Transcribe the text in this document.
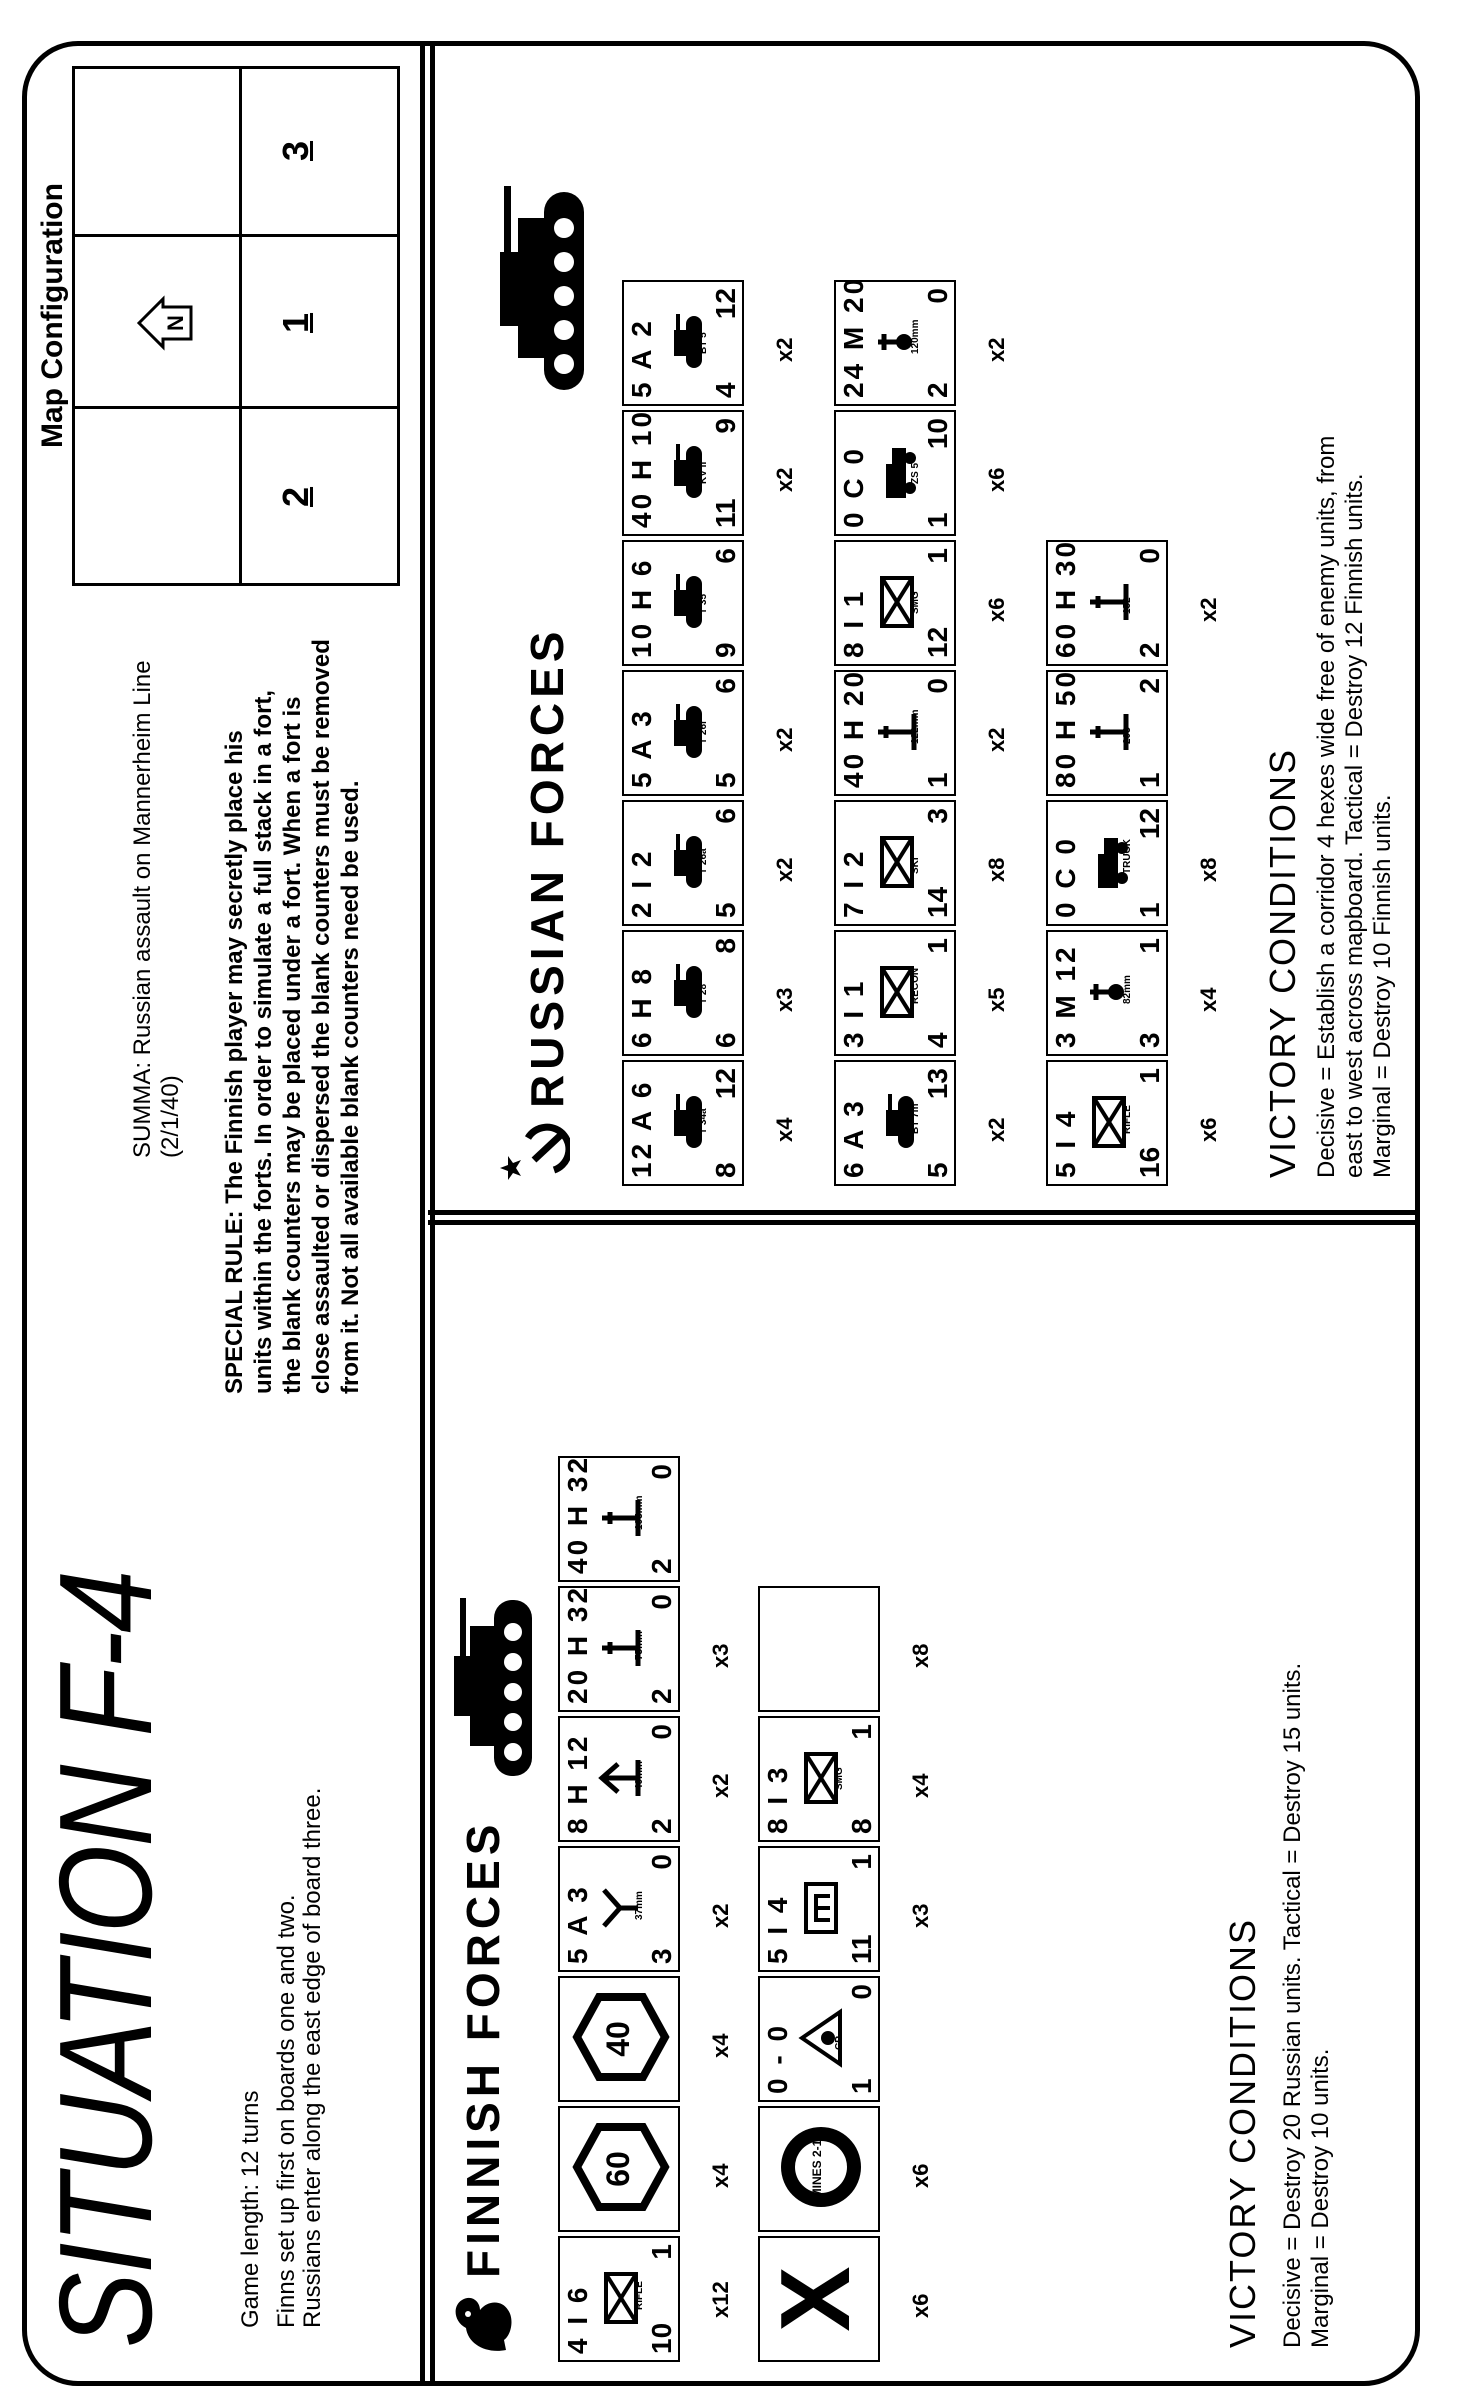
SITUATION F-4 Game length: 12 turns Finns set up first on boards one and two. Russians enter along the east edge of board three.
SUMMA: Russian assault on Mannerheim Line (2/1/40) SPECIAL RULE: The Finnish player may secretly place his units within the forts. In order to simulate a full stack in a fort, the blank counters may be placed under a fort. When a fort is close assaulted or dispersed the blank counters must be removed from it. Not all available blank counters need be used.
Map Configuration
2
1
3
N
FINNISH FORCES
4 I 6	RIFLE
10
1
x12
60	x4
40	x4
5 A 3	37mm
3
0
x2
8 H 12	40mm
2
0
x2
20 H 32	75mm
2
0
x3
40 H 32	105mm
2
0
X x6
MINES 2-1	x6
0 - 0	CP
1
0
5 I 4 11
1
x3
8 I 3	SMG
8
1
x4
x8
VICTORY CONDITIONS Decisive = Destroy 20 Russian units. Tactical = Destroy 15 units. Marginal = Destroy 10 units.
RUSSIAN FORCES
12 A 6	T 34a
8
12
x4
6 H 8	T 28
6
8
x3
2 I 2	T 26a
5
6
x2
5 A 3	T 26r
5
6
x2
10 H 6	T 35
9
6
40 H 10	KV II
11
9
x2
5 A 2	BT 5
4
12
x2
6 A 3	BT 7m
5
13
x2
3 I 1	RECON
4
1
x5
7 I 2	SKI
14
3
x8
40 H 20	122mm
1
0
x2
8 I 1	SMG
12
1
x6
0 C 0	ZS 5
1
10
x6
24 M 20	120mm
2
0
x2
5 I 4	RIFLE
16
1
x6
3 M 12	82mm
3
1
x4
0 C 0	TRUCK
1
12
x8
80 H 50	203
1
2
60 H 30	152
2
0
x2
VICTORY CONDITIONS Decisive = Establish a corridor 4 hexes wide free of enemy units, from east to west across mapboard. Tactical = Destroy 12 Finnish units. Marginal = Destroy 10 Finnish units.
